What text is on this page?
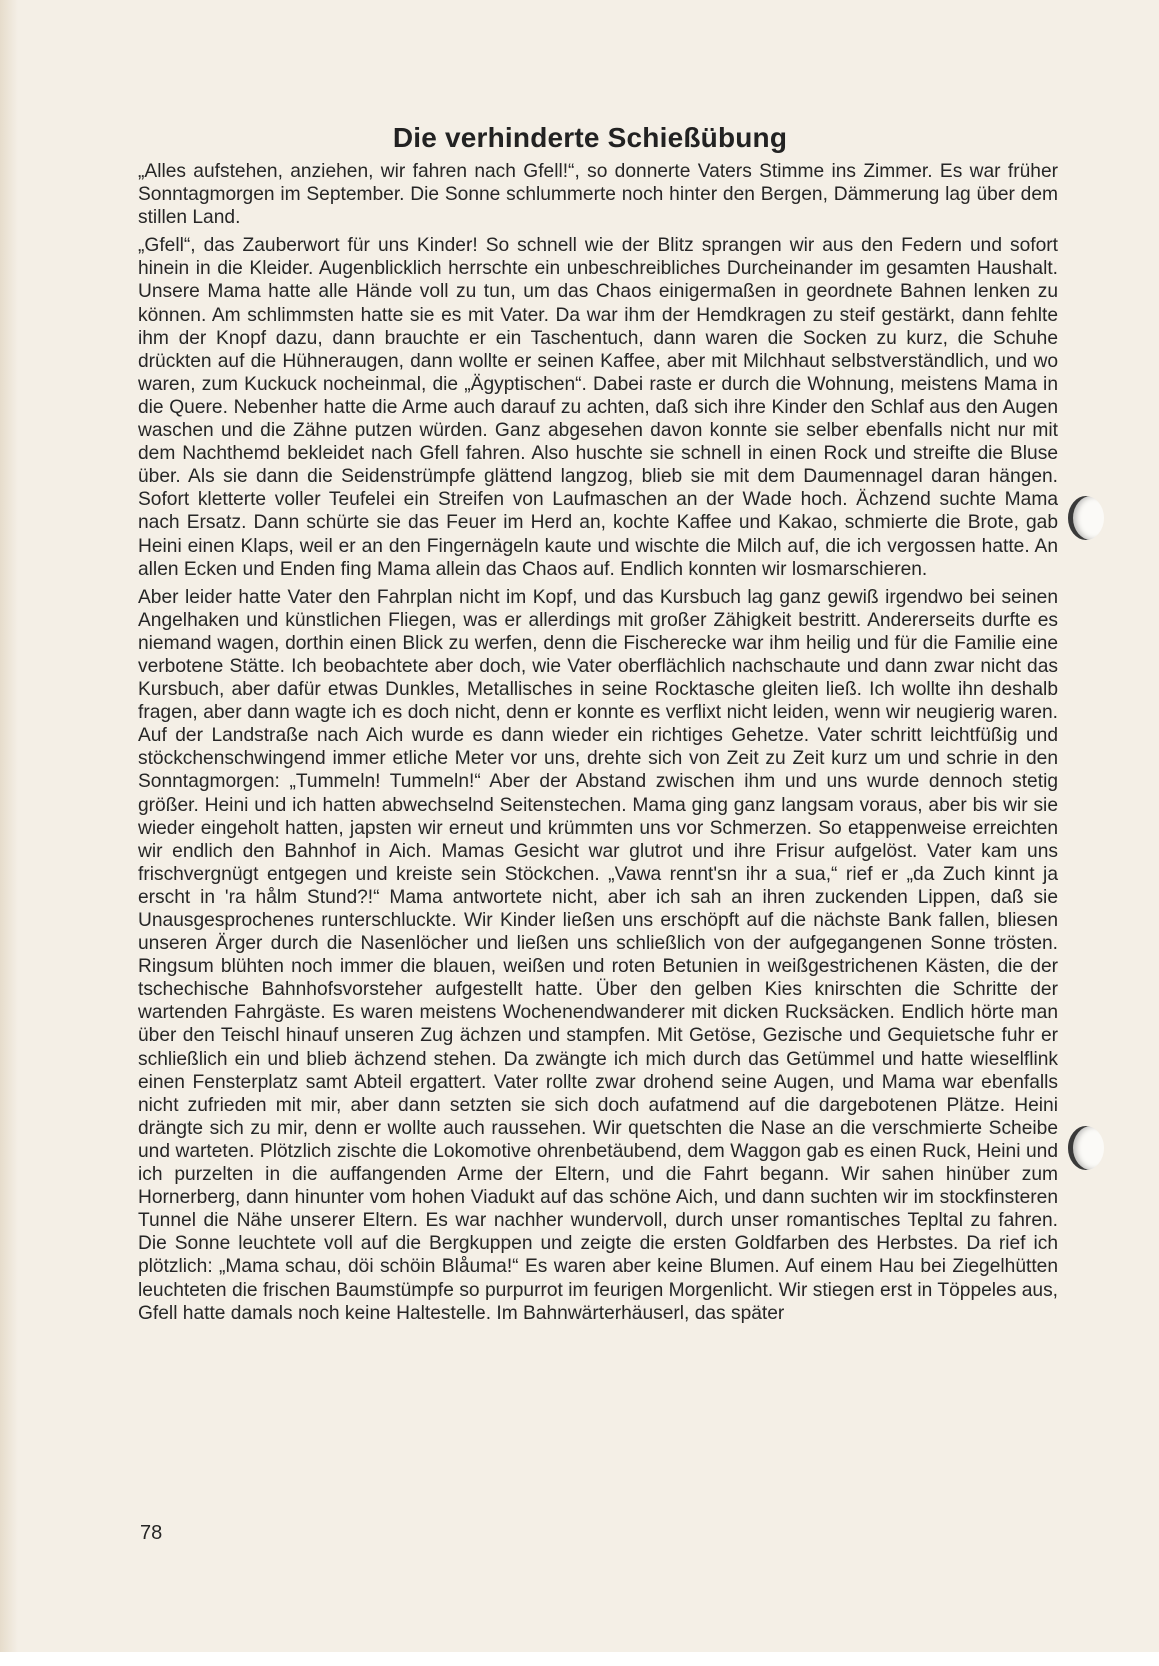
Die verhinderte Schießübung

„Alles aufstehen, anziehen, wir fahren nach Gfell!“, so donnerte Vaters Stimme ins Zimmer. Es war früher Sonntagmorgen im September. Die Sonne schlummerte noch hinter den Bergen, Dämmerung lag über dem stillen Land.

„Gfell“, das Zauberwort für uns Kinder! So schnell wie der Blitz sprangen wir aus den Federn und sofort hinein in die Kleider. Augenblicklich herrschte ein unbeschreibliches Durcheinander im gesamten Haushalt. Unsere Mama hatte alle Hände voll zu tun, um das Chaos einigermaßen in geordnete Bahnen lenken zu können. Am schlimmsten hatte sie es mit Vater. Da war ihm der Hemdkragen zu steif gestärkt, dann fehlte ihm der Knopf dazu, dann brauchte er ein Taschentuch, dann waren die Socken zu kurz, die Schuhe drückten auf die Hühneraugen, dann wollte er seinen Kaffee, aber mit Milchhaut selbstverständlich, und wo waren, zum Kuckuck nocheinmal, die „Ägyptischen“. Dabei raste er durch die Wohnung, meistens Mama in die Quere. Nebenher hatte die Arme auch darauf zu achten, daß sich ihre Kinder den Schlaf aus den Augen waschen und die Zähne putzen würden. Ganz abgesehen davon konnte sie selber ebenfalls nicht nur mit dem Nachthemd bekleidet nach Gfell fahren. Also huschte sie schnell in einen Rock und streifte die Bluse über. Als sie dann die Seidenstrümpfe glättend langzog, blieb sie mit dem Daumennagel daran hängen. Sofort kletterte voller Teufelei ein Streifen von Laufmaschen an der Wade hoch. Ächzend suchte Mama nach Ersatz. Dann schürte sie das Feuer im Herd an, kochte Kaffee und Kakao, schmierte die Brote, gab Heini einen Klaps, weil er an den Fingernägeln kaute und wischte die Milch auf, die ich vergossen hatte. An allen Ecken und Enden fing Mama allein das Chaos auf. Endlich konnten wir losmarschieren.

Aber leider hatte Vater den Fahrplan nicht im Kopf, und das Kursbuch lag ganz gewiß irgendwo bei seinen Angelhaken und künstlichen Fliegen, was er allerdings mit großer Zähigkeit bestritt. Andererseits durfte es niemand wagen, dorthin einen Blick zu werfen, denn die Fischerecke war ihm heilig und für die Familie eine verbotene Stätte. Ich beobachtete aber doch, wie Vater oberflächlich nachschaute und dann zwar nicht das Kursbuch, aber dafür etwas Dunkles, Metallisches in seine Rocktasche gleiten ließ. Ich wollte ihn deshalb fragen, aber dann wagte ich es doch nicht, denn er konnte es verflixt nicht leiden, wenn wir neugierig waren. Auf der Landstraße nach Aich wurde es dann wieder ein richtiges Gehetze. Vater schritt leichtfüßig und stöckchenschwingend immer etliche Meter vor uns, drehte sich von Zeit zu Zeit kurz um und schrie in den Sonntagmorgen: „Tummeln! Tummeln!“ Aber der Abstand zwischen ihm und uns wurde dennoch stetig größer. Heini und ich hatten abwechselnd Seitenstechen. Mama ging ganz langsam voraus, aber bis wir sie wieder eingeholt hatten, japsten wir erneut und krümmten uns vor Schmerzen. So etappenweise erreichten wir endlich den Bahnhof in Aich. Mamas Gesicht war glutrot und ihre Frisur aufgelöst. Vater kam uns frischvergnügt entgegen und kreiste sein Stöckchen. „Vawa rennt'sn ihr a sua,“ rief er „da Zuch kinnt ja erscht in 'ra hålm Stund?!“ Mama antwortete nicht, aber ich sah an ihren zuckenden Lippen, daß sie Unausgesprochenes runterschluckte. Wir Kinder ließen uns erschöpft auf die nächste Bank fallen, bliesen unseren Ärger durch die Nasenlöcher und ließen uns schließlich von der aufgegangenen Sonne trösten. Ringsum blühten noch immer die blauen, weißen und roten Betunien in weißgestrichenen Kästen, die der tschechische Bahnhofsvorsteher aufgestellt hatte. Über den gelben Kies knirschten die Schritte der wartenden Fahrgäste. Es waren meistens Wochenendwanderer mit dicken Rucksäcken. Endlich hörte man über den Teischl hinauf unseren Zug ächzen und stampfen. Mit Getöse, Gezische und Gequietsche fuhr er schließlich ein und blieb ächzend stehen. Da zwängte ich mich durch das Getümmel und hatte wieselflink einen Fensterplatz samt Abteil ergattert. Vater rollte zwar drohend seine Augen, und Mama war ebenfalls nicht zufrieden mit mir, aber dann setzten sie sich doch aufatmend auf die dargebotenen Plätze. Heini drängte sich zu mir, denn er wollte auch raussehen. Wir quetschten die Nase an die verschmierte Scheibe und warteten. Plötzlich zischte die Lokomotive ohrenbetäubend, dem Waggon gab es einen Ruck, Heini und ich purzelten in die auffangenden Arme der Eltern, und die Fahrt begann. Wir sahen hinüber zum Hornerberg, dann hinunter vom hohen Viadukt auf das schöne Aich, und dann suchten wir im stockfinsteren Tunnel die Nähe unserer Eltern. Es war nachher wundervoll, durch unser romantisches Tepltal zu fahren. Die Sonne leuchtete voll auf die Bergkuppen und zeigte die ersten Goldfarben des Herbstes. Da rief ich plötzlich: „Mama schau, döi schöin Blåuma!“ Es waren aber keine Blumen. Auf einem Hau bei Ziegelhütten leuchteten die frischen Baumstümpfe so purpurrot im feurigen Morgenlicht. Wir stiegen erst in Töppeles aus, Gfell hatte damals noch keine Haltestelle. Im Bahnwärterhäuserl, das später

78
